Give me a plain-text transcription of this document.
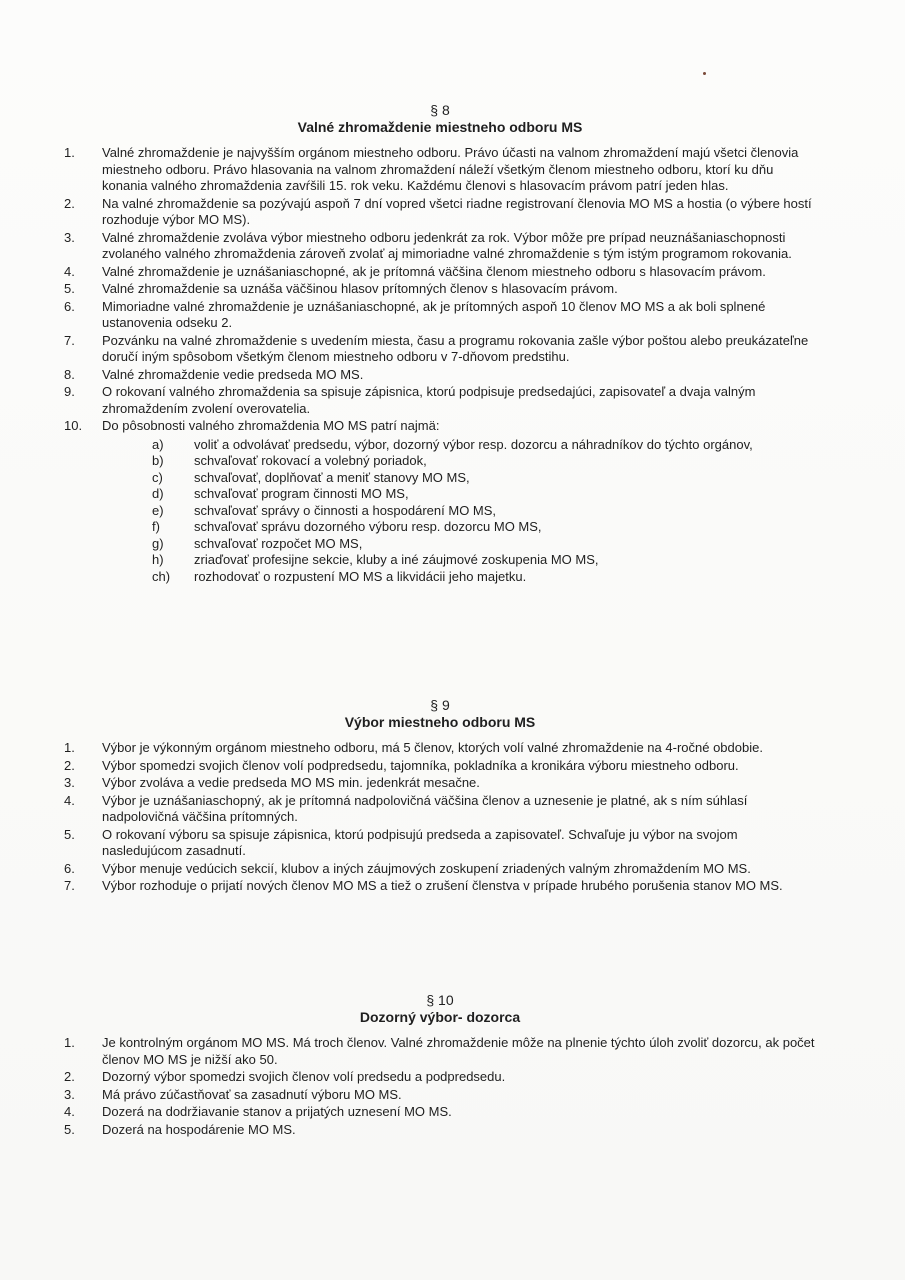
§ 8

Valné zhromaždenie miestneho odboru MS

1.	Valné zhromaždenie je najvyšším orgánom miestneho odboru. Právo účasti na valnom zhromaždení majú všetci členovia miestneho odboru. Právo hlasovania na valnom zhromaždení náleží všetkým členom miestneho odboru, ktorí ku dňu konania valného zhromaždenia zavŕšili 15. rok veku. Každému členovi s hlasovacím právom patrí jeden hlas.
2.	Na valné zhromaždenie sa pozývajú aspoň 7 dní vopred všetci riadne registrovaní členovia MO MS a hostia (o výbere hostí rozhoduje výbor MO MS).
3.	Valné zhromaždenie zvoláva výbor miestneho odboru jedenkrát za rok. Výbor môže pre prípad neuznášaniaschopnosti zvolaného valného zhromaždenia zároveň zvolať aj mimoriadne valné zhromaždenie s tým istým programom rokovania.
4.	Valné zhromaždenie je uznášaniaschopné, ak je prítomná väčšina členom miestneho odboru s hlasovacím právom.
5.	Valné zhromaždenie sa uznáša väčšinou hlasov prítomných členov s hlasovacím právom.
6.	Mimoriadne valné zhromaždenie je uznášaniaschopné, ak je prítomných aspoň 10 členov MO MS a ak boli splnené ustanovenia odseku 2.
7.	Pozvánku na valné zhromaždenie s uvedením miesta, času a programu rokovania zašle výbor poštou alebo preukázateľne doručí iným spôsobom všetkým členom miestneho odboru v 7-dňovom predstihu.
8.	Valné zhromaždenie vedie predseda MO MS.
9.	O rokovaní valného zhromaždenia sa spisuje zápisnica, ktorú podpisuje predsedajúci, zapisovateľ a dvaja valným zhromaždením zvolení overovatelia.
10.	Do pôsobnosti valného zhromaždenia MO MS patrí najmä:
a)	voliť a odvolávať predsedu, výbor, dozorný výbor resp. dozorcu a náhradníkov do týchto orgánov,
b)	schvaľovať rokovací a volebný poriadok,
c)	schvaľovať, doplňovať a meniť stanovy MO MS,
d)	schvaľovať program činnosti MO MS,
e)	schvaľovať správy o činnosti a hospodárení MO MS,
f)	schvaľovať správu dozorného výboru resp. dozorcu MO MS,
g)	schvaľovať rozpočet MO MS,
h)	zriaďovať profesijne sekcie, kluby a iné záujmové zoskupenia MO MS,
ch)	rozhodovať o rozpustení MO MS a likvidácii jeho majetku.

§ 9

Výbor miestneho odboru MS

1.	Výbor je výkonným orgánom miestneho odboru, má 5 členov, ktorých volí valné zhromaždenie na 4-ročné obdobie.
2.	Výbor spomedzi svojich členov volí podpredsedu, tajomníka, pokladníka a kronikára výboru miestneho odboru.
3.	Výbor zvoláva a vedie predseda MO MS min. jedenkrát mesačne.
4.	Výbor je uznášaniaschopný, ak je prítomná nadpolovičná väčšina členov a uznesenie je platné, ak s ním súhlasí nadpolovičná väčšina prítomných.
5.	O rokovaní výboru sa spisuje zápisnica, ktorú podpisujú predseda a zapisovateľ. Schvaľuje ju výbor na svojom nasledujúcom zasadnutí.
6.	Výbor menuje vedúcich sekcií, klubov a iných záujmových zoskupení zriadených valným zhromaždením MO MS.
7.	Výbor rozhoduje o prijatí nových členov MO MS a tiež o zrušení členstva v prípade hrubého porušenia stanov MO MS.

§ 10

Dozorný výbor- dozorca

1.	Je kontrolným orgánom MO MS. Má troch členov. Valné zhromaždenie môže na plnenie týchto úloh zvoliť dozorcu, ak počet členov MO MS je nižší ako 50.
2.	Dozorný výbor spomedzi svojich členov volí predsedu a podpredsedu.
3.	Má právo zúčastňovať sa zasadnutí výboru MO MS.
4.	Dozerá na dodržiavanie stanov a prijatých uznesení MO MS.
5.	Dozerá na hospodárenie MO MS.
